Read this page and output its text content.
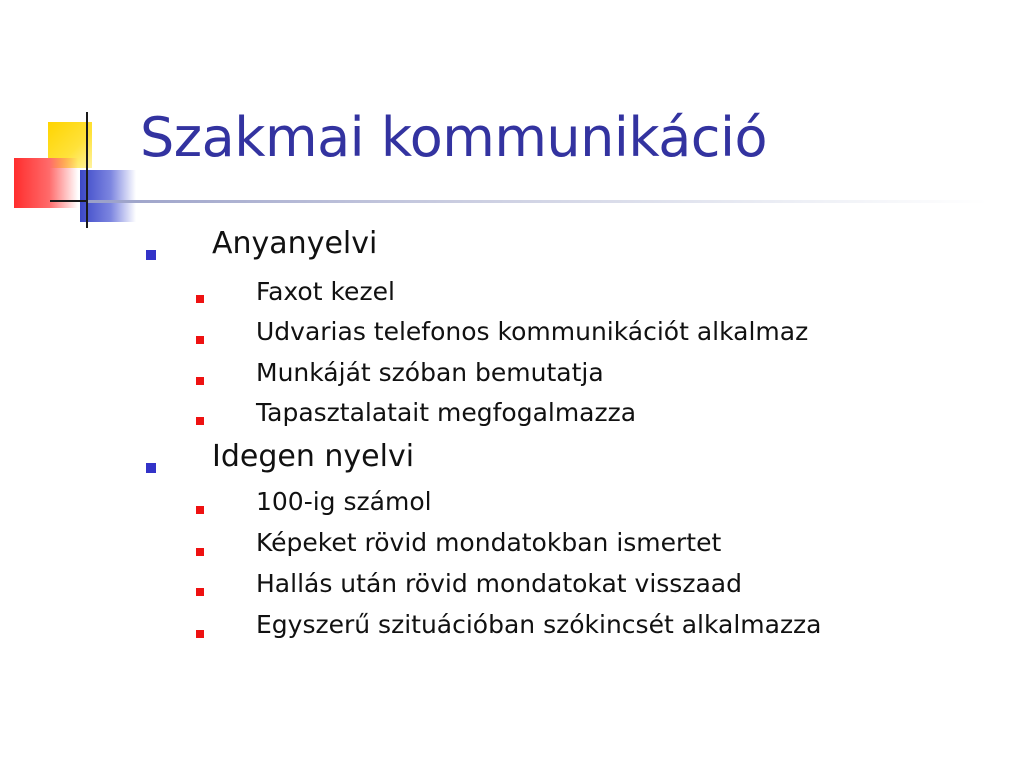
Szakmai kommunikáció
Anyanyelvi
Faxot kezel
Udvarias telefonos kommunikációt alkalmaz
Munkáját szóban bemutatja
Tapasztalatait megfogalmazza
Idegen nyelvi
100-ig számol
Képeket rövid mondatokban ismertet
Hallás után rövid mondatokat visszaad
Egyszerű szituációban szókincsét alkalmazza
